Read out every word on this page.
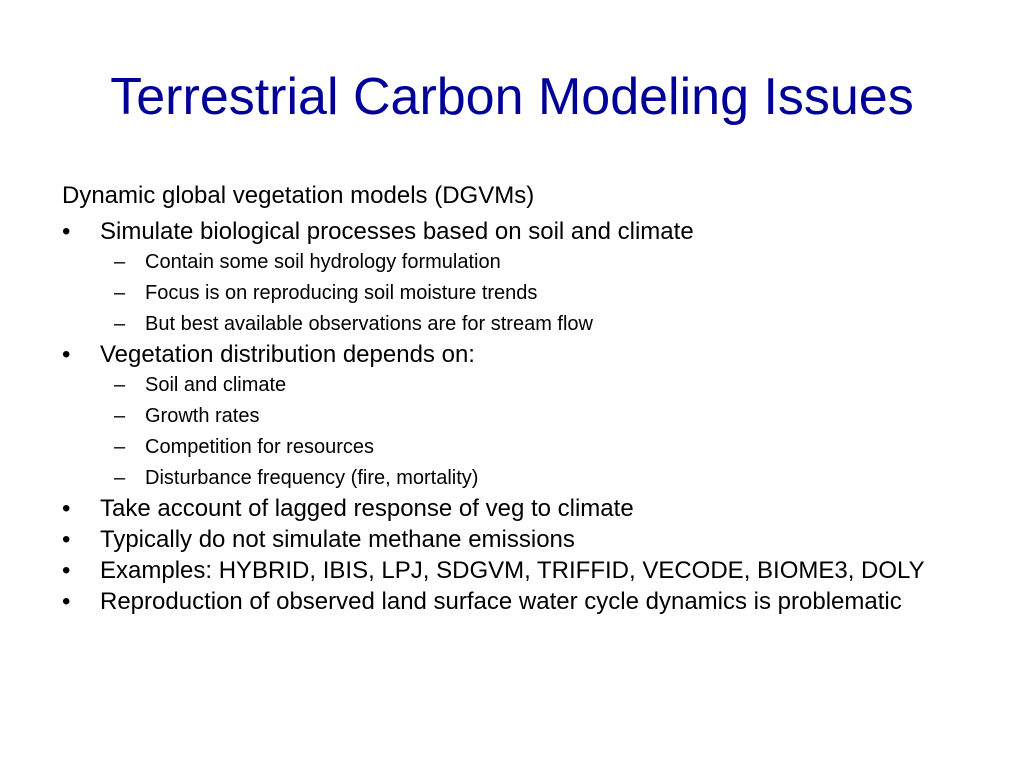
Terrestrial Carbon Modeling Issues
Dynamic global vegetation models (DGVMs)
• Simulate biological processes based on soil and climate
– Contain some soil hydrology formulation
– Focus is on reproducing soil moisture trends
– But best available observations are for stream flow
• Vegetation distribution depends on:
– Soil and climate
– Growth rates
– Competition for resources
– Disturbance frequency (fire, mortality)
• Take account of lagged response of veg to climate
• Typically do not simulate methane emissions
• Examples: HYBRID, IBIS, LPJ, SDGVM, TRIFFID, VECODE, BIOME3, DOLY
• Reproduction of observed land surface water cycle dynamics is problematic
